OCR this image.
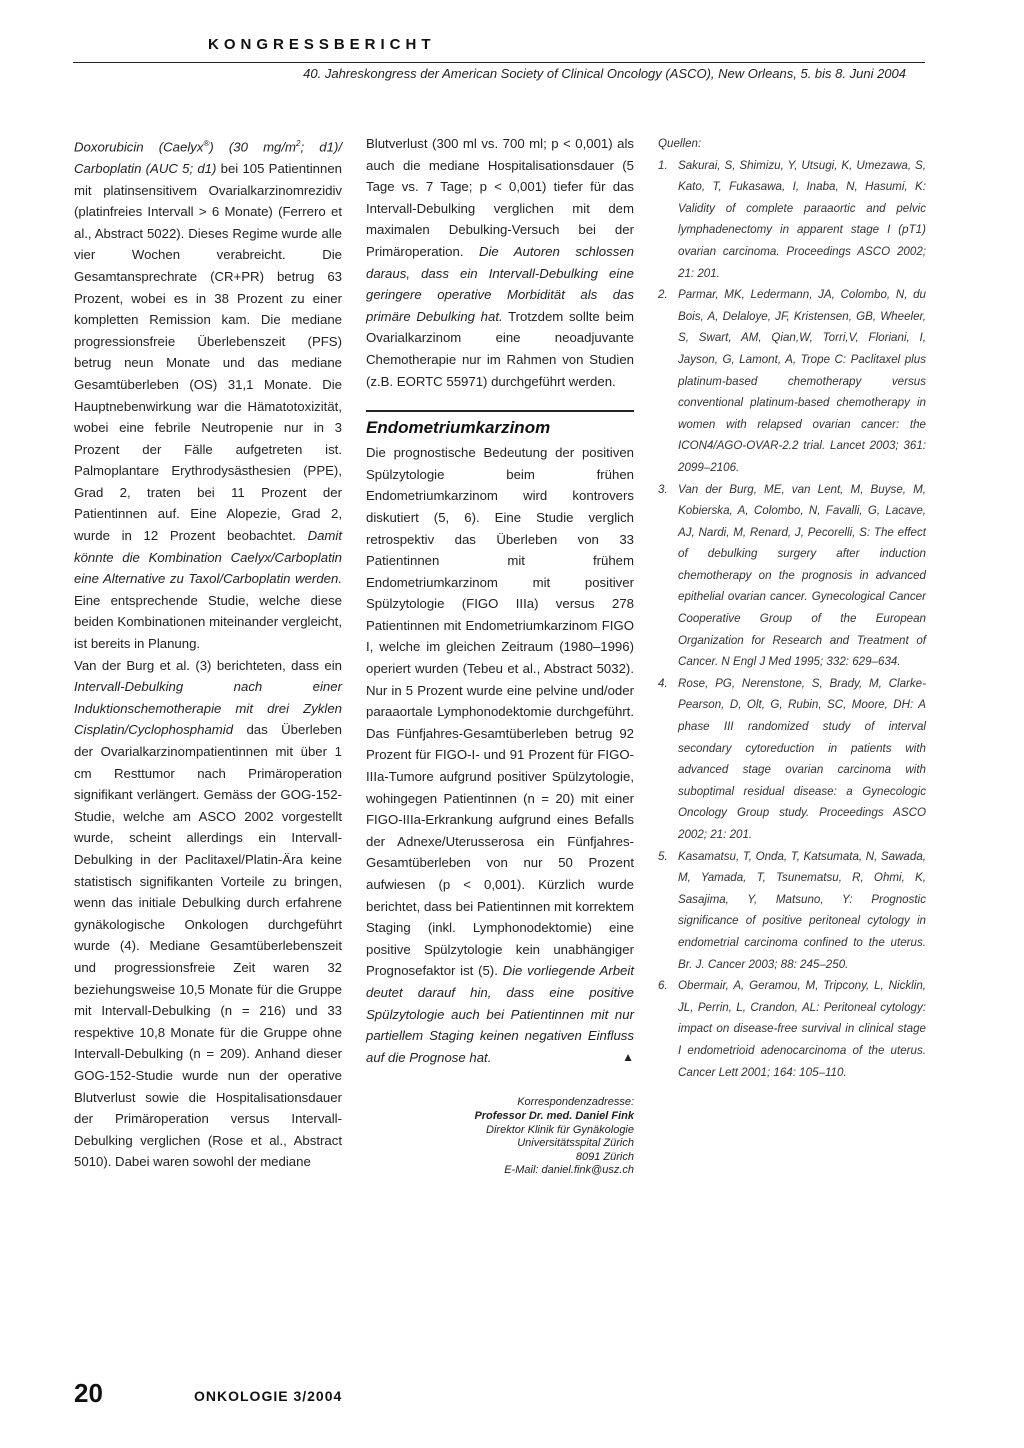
KONGRESSBERICHT
40. Jahreskongress der American Society of Clinical Oncology (ASCO), New Orleans, 5. bis 8. Juni 2004

Doxorubicin (Caelyx®) (30 $mg/m^2$; d1)/ Carboplatin (AUC 5; d1) bei 105 Patientinnen mit platinsensitivem Ovarialkarzinomrezidiv (platinfreies Intervall > 6 Monate) (Ferrero et al., Abstract 5022). Dieses Regime wurde alle vier Wochen verabreicht. Die Gesamtansprechrate (CR+PR) betrug 63 Prozent, wobei es in 38 Prozent zu einer kompletten Remission kam. Die mediane progressionsfreie Überlebenszeit (PFS) betrug neun Monate und das mediane Gesamtüberleben (OS) 31,1 Monate. Die Hauptnebenwirkung war die Hämatotoxizität, wobei eine febrile Neutropenie nur in 3 Prozent der Fälle aufgetreten ist. Palmoplantare Erythrodysästhesien (PPE), Grad 2, traten bei 11 Prozent der Patientinnen auf. Eine Alopezie, Grad 2, wurde in 12 Prozent beobachtet. Damit könnte die Kombination Caelyx/Carboplatin eine Alternative zu Taxol/Carboplatin werden. Eine entsprechende Studie, welche diese beiden Kombinationen miteinander vergleicht, ist bereits in Planung.

Van der Burg et al. (3) berichteten, dass ein Intervall-Debulking nach einer Induktionschemotherapie mit drei Zyklen Cisplatin/Cyclophosphamid das Überleben der Ovarialkarzinompatientinnen mit über 1 cm Resttumor nach Primäroperation signifikant verlängert. Gemäss der GOG-152-Studie, welche am ASCO 2002 vorgestellt wurde, scheint allerdings ein Intervall-Debulking in der Paclitaxel/Platin-Ära keine statistisch signifikanten Vorteile zu bringen, wenn das initiale Debulking durch erfahrene gynäkologische Onkologen durchgeführt wurde (4). Mediane Gesamtüberlebenszeit und progressionsfreie Zeit waren 32 beziehungsweise 10,5 Monate für die Gruppe mit Intervall-Debulking (n = 216) und 33 respektive 10,8 Monate für die Gruppe ohne Intervall-Debulking (n = 209). Anhand dieser GOG-152-Studie wurde nun der operative Blutverlust sowie die Hospitalisationsdauer der Primäroperation versus Intervall-Debulking verglichen (Rose et al., Abstract 5010). Dabei waren sowohl der mediane

Blutverlust (300 ml vs. 700 ml; p < 0,001) als auch die mediane Hospitalisationsdauer (5 Tage vs. 7 Tage; p < 0,001) tiefer für das Intervall-Debulking verglichen mit dem maximalen Debulking-Versuch bei der Primäroperation. Die Autoren schlossen daraus, dass ein Intervall-Debulking eine geringere operative Morbidität als das primäre Debulking hat. Trotzdem sollte beim Ovarialkarzinom eine neoadjuvante Chemotherapie nur im Rahmen von Studien (z.B. EORTC 55971) durchgeführt werden.

Endometriumkarzinom

Die prognostische Bedeutung der positiven Spülzytologie beim frühen Endometriumkarzinom wird kontrovers diskutiert (5, 6). Eine Studie verglich retrospektiv das Überleben von 33 Patientinnen mit frühem Endometriumkarzinom mit positiver Spülzytologie (FIGO IIIa) versus 278 Patientinnen mit Endometriumkarzinom FIGO I, welche im gleichen Zeitraum (1980–1996) operiert wurden (Tebeu et al., Abstract 5032). Nur in 5 Prozent wurde eine pelvine und/oder paraaortale Lymphonodektomie durchgeführt. Das Fünfjahres-Gesamtüberleben betrug 92 Prozent für FIGO-I- und 91 Prozent für FIGO-IIIa-Tumore aufgrund positiver Spülzytologie, wohingegen Patientinnen (n = 20) mit einer FIGO-IIIa-Erkrankung aufgrund eines Befalls der Adnexe/Uterusserosa ein Fünfjahres-Gesamtüberleben von nur 50 Prozent aufwiesen (p < 0,001). Kürzlich wurde berichtet, dass bei Patientinnen mit korrektem Staging (inkl. Lymphonodektomie) eine positive Spülzytologie kein unabhängiger Prognosefaktor ist (5). Die vorliegende Arbeit deutet darauf hin, dass eine positive Spülzytologie auch bei Patientinnen mit nur partiellem Staging keinen negativen Einfluss auf die Prognose hat.	▲

Korrespondenzadresse:
Professor Dr. med. Daniel Fink
Direktor Klinik für Gynäkologie
Universitätsspital Zürich
8091 Zürich
E-Mail: daniel.fink@usz.ch

Quellen:

1. Sakurai, S, Shimizu, Y, Utsugi, K, Umezawa, S, Kato, T, Fukasawa, I, Inaba, N, Hasumi, K: Validity of complete paraaortic and pelvic lymphadenectomy in apparent stage I (pT1) ovarian carcinoma. Proceedings ASCO 2002; 21: 201.
2. Parmar, MK, Ledermann, JA, Colombo, N, du Bois, A, Delaloye, JF, Kristensen, GB, Wheeler, S, Swart, AM, Qian,W, Torri,V, Floriani, I, Jayson, G, Lamont, A, Trope C: Paclitaxel plus platinum-based chemotherapy versus conventional platinum-based chemotherapy in women with relapsed ovarian cancer: the ICON4/AGO-OVAR-2.2 trial. Lancet 2003; 361: 2099–2106.
3. Van der Burg, ME, van Lent, M, Buyse, M, Kobierska, A, Colombo, N, Favalli, G, Lacave, AJ, Nardi, M, Renard, J, Pecorelli, S: The effect of debulking surgery after induction chemotherapy on the prognosis in advanced epithelial ovarian cancer. Gynecological Cancer Cooperative Group of the European Organization for Research and Treatment of Cancer. N Engl J Med 1995; 332: 629–634.
4. Rose, PG, Nerenstone, S, Brady, M, Clarke-Pearson, D, Olt, G, Rubin, SC, Moore, DH: A phase III randomized study of interval secondary cytoreduction in patients with advanced stage ovarian carcinoma with suboptimal residual disease: a Gynecologic Oncology Group study. Proceedings ASCO 2002; 21: 201.
5. Kasamatsu, T, Onda, T, Katsumata, N, Sawada, M, Yamada, T, Tsunematsu, R, Ohmi, K, Sasajima, Y, Matsuno, Y: Prognostic significance of positive peritoneal cytology in endometrial carcinoma confined to the uterus. Br. J. Cancer 2003; 88: 245–250.
6. Obermair, A, Geramou, M, Tripcony, L, Nicklin, JL, Perrin, L, Crandon, AL: Peritoneal cytology: impact on disease-free survival in clinical stage I endometrioid adenocarcinoma of the uterus. Cancer Lett 2001; 164: 105–110.
20	ONKOLOGIE 3/2004
